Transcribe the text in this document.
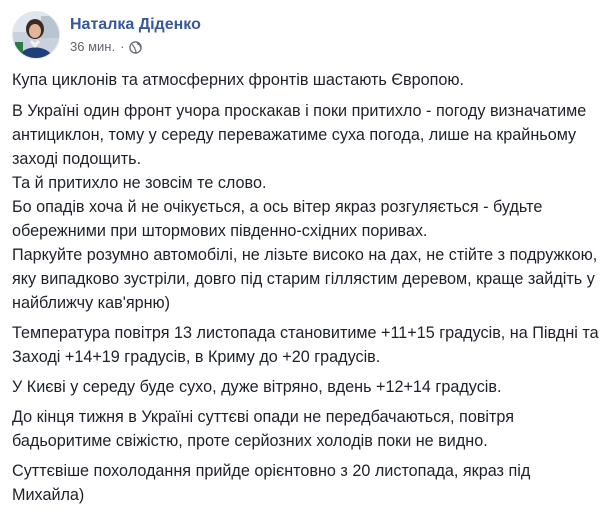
Наталка Діденко
36 мин. ·

Купа циклонів та атмосферних фронтів шастають Європою.

В Україні один фронт учора проскакав і поки притихло - погоду визначатиме антициклон, тому у середу переважатиме суха погода, лише на крайньому заході подощить.

Та й притихло не зовсім те слово.

Бо опадів хоча й не очікується, а ось вітер якраз розгуляється - будьте обережними при штормових південно-східних поривах.

Паркуйте розумно автомобілі, не лізьте високо на дах, не стійте з подружкою, яку випадково зустріли, довго під старим гіллястим деревом, краще зайдіть у найближчу кав'ярню)

Температура повітря 13 листопада становитиме +11+15 градусів, на Півдні та Заході +14+19 градусів, в Криму до +20 градусів.

У Києві у середу буде сухо, дуже вітряно, вдень +12+14 градусів.

До кінця тижня в Україні суттєві опади не передбачаються, повітря бадьоритиме свіжістю, проте серйозних холодів поки не видно.

Суттєвіше похолодання прийде орієнтовно з 20 листопада, якраз під Михайла)
